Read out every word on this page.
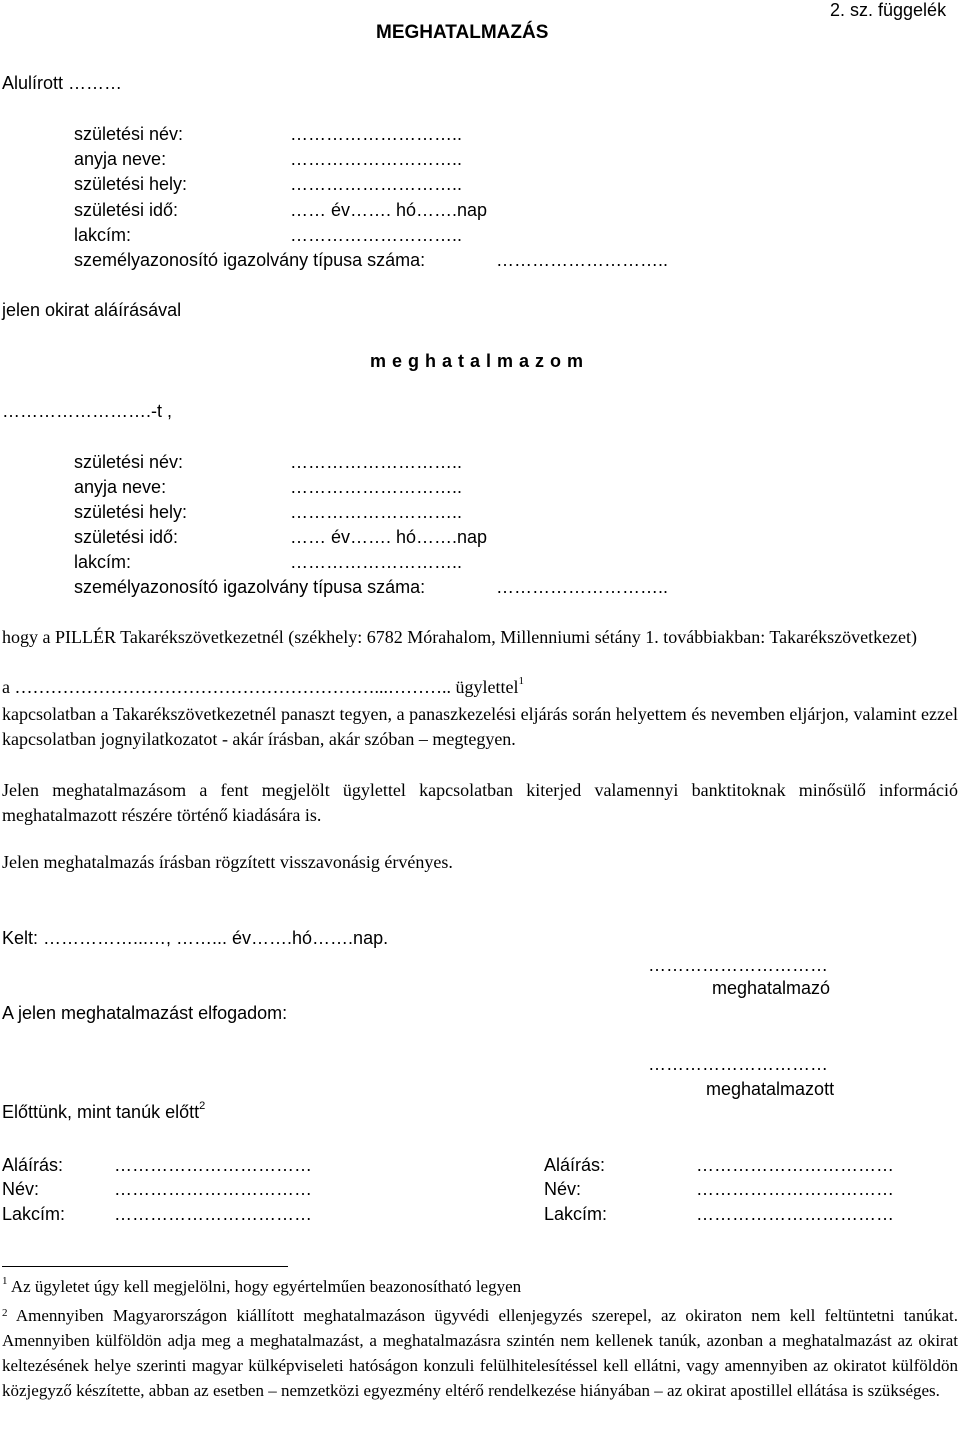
MEGHATALMAZÁS
2. sz. függelék
Alulírott ………
születési név:	………………………..
anyja neve:	………………………..
születési hely:	………………………..
születési idő:	…… év……. hó…….nap
lakcím:	………………………..
személyazonosító igazolvány típusa száma:	………………………..
jelen okirat aláírásával
m e g h a t a l m a z o m
…………………….-t ,
születési név:	………………………..
anyja neve:	………………………..
születési hely:	………………………..
születési idő:	…… év……. hó…….nap
lakcím:	………………………..
személyazonosító igazolvány típusa száma:	………………………..
hogy a PILLÉR Takarékszövetkezetnél (székhely: 6782 Mórahalom, Millenniumi sétány 1. továbbiakban: Takarékszövetkezet)
a ……………………………………………………...……….. ügylettel$^1$
kapcsolatban a Takarékszövetkezetnél panaszt tegyen, a panaszkezelési eljárás során helyettem és nevemben eljárjon, valamint ezzel kapcsolatban jognyilatkozatot - akár írásban, akár szóban – megtegyen.
Jelen meghatalmazásom a fent megjelölt ügylettel kapcsolatban kiterjed valamennyi banktitoknak minősülő információ meghatalmazott részére történő kiadására is.
Jelen meghatalmazás írásban rögzített visszavonásig érvényes.
Kelt: ……………...…, ……... év…….hó…….nap.
…………………………
meghatalmazó
A jelen meghatalmazást elfogadom:
…………………………
meghatalmazott
Előttünk, mint tanúk előtt$^2$
Aláírás:	……………………………
Név:	……………………………
Lakcím:	……………………………
Aláírás:	……………………………
Név:	……………………………
Lakcím:	……………………………
$^1$ Az ügyletet úgy kell megjelölni, hogy egyértelműen beazonosítható legyen
$^2$ Amennyiben Magyarországon kiállított meghatalmazáson ügyvédi ellenjegyzés szerepel, az okiraton nem kell feltüntetni tanúkat. Amennyiben külföldön adja meg a meghatalmazást, a meghatalmazásra szintén nem kellenek tanúk, azonban a meghatalmazást az okirat keltezésének helye szerinti magyar külképviseleti hatóságon konzuli felülhitelesítéssel kell ellátni, vagy amennyiben az okiratot külföldön közjegyző készítette, abban az esetben – nemzetközi egyezmény eltérő rendelkezése hiányában – az okirat apostillel ellátása is szükséges.
